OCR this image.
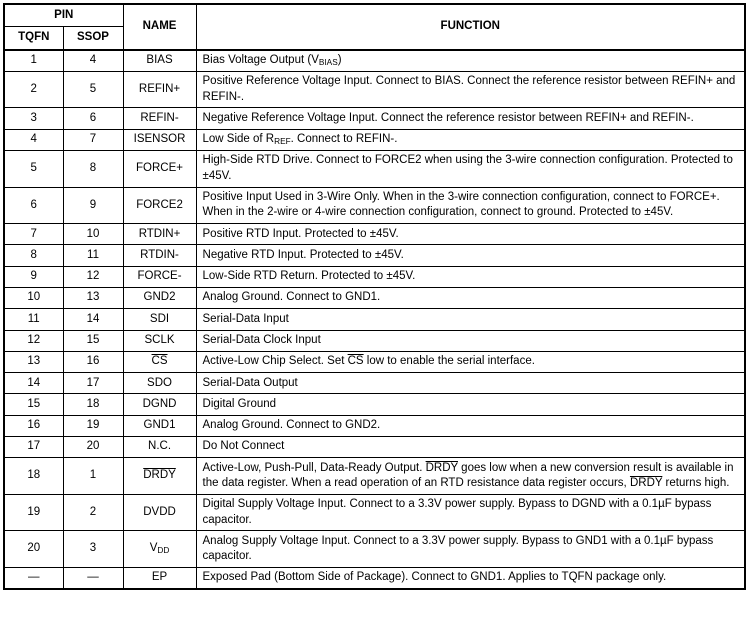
PIN		NAME	FUNCTION
TQFN	SSOP		
1	4	BIAS	Bias Voltage Output $(V_{BIAS})$
2	5	REFIN+	Positive Reference Voltage Input. Connect to BIAS. Connect the reference resistor between REFIN+ and REFIN-.
3	6	REFIN-	Negative Reference Voltage Input. Connect the reference resistor between REFIN+ and REFIN-.
4	7	ISENSOR	Low Side of $R_{REF}$. Connect to REFIN-.
5	8	FORCE+	High-Side RTD Drive. Connect to FORCE2 when using the 3-wire connection configuration. Protected to ±45V.
6	9	FORCE2	Positive Input Used in 3-Wire Only. When in the 3-wire connection configuration, connect to FORCE+. When in the 2-wire or 4-wire connection configuration, connect to ground. Protected to ±45V.
7	10	RTDIN+	Positive RTD Input. Protected to ±45V.
8	11	RTDIN-	Negative RTD Input. Protected to ±45V.
9	12	FORCE-	Low-Side RTD Return. Protected to ±45V.
10	13	GND2	Analog Ground. Connect to GND1.
11	14	SDI	Serial-Data Input
12	15	SCLK	Serial-Data Clock Input
13	16	$\overline{CS}$	Active-Low Chip Select. Set $\overline{CS}$ low to enable the serial interface.
14	17	SDO	Serial-Data Output
15	18	DGND	Digital Ground
16	19	GND1	Analog Ground. Connect to GND2.
17	20	N.C.	Do Not Connect
18	1	DRDY	Active-Low, Push-Pull, Data-Ready Output. DRDY goes low when a new conversion result is available in the data register. When a read operation of an RTD resistance data register occurs, DRDY returns high.
19	2	DVDD	Digital Supply Voltage Input. Connect to a 3.3V power supply. Bypass to DGND with a 0.1µF bypass capacitor.
20	3	$V_{DD}$	Analog Supply Voltage Input. Connect to a 3.3V power supply. Bypass to GND1 with a 0.1µF bypass capacitor.
—	—	EP	Exposed Pad (Bottom Side of Package). Connect to GND1. Applies to TQFN package only.
